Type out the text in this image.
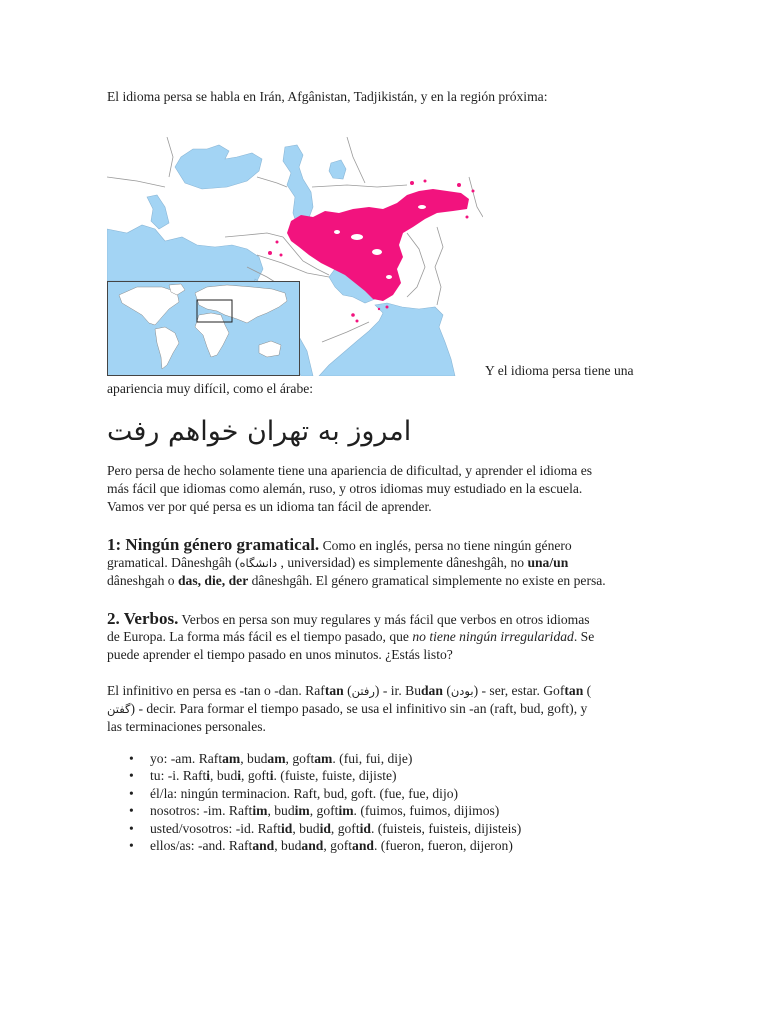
El idioma persa se habla en Irán, Afgânistan, Tadjikistán, y en la región próxima:
Y el idioma persa tiene una
apariencia muy difícil, como el árabe:
امروز به تهران خواهم رفت
Pero persa de hecho solamente tiene una apariencia de dificultad, y aprender el idioma es
más fácil que idiomas como alemán, ruso, y otros idiomas muy estudiado en la escuela.
Vamos ver por qué persa es un idioma tan fácil de aprender.
1: Ningún género gramatical. Como en inglés, persa no tiene ningún género
gramatical. Dâneshgâh (دانشگاه , universidad) es simplemente dâneshgâh, no una/un
dâneshgah o das, die, der dâneshgâh. El género gramatical simplemente no existe en persa.
2. Verbos. Verbos en persa son muy regulares y más fácil que verbos en otros idiomas
de Europa. La forma más fácil es el tiempo pasado, que no tiene ningún irregularidad. Se
puede aprender el tiempo pasado en unos minutos. ¿Estás listo?
El infinitivo en persa es -tan o -dan. Raftan (رفتن) - ir. Budan (بودن) - ser, estar. Goftan (
گفتن) - decir. Para formar el tiempo pasado, se usa el infinitivo sin -an (raft, bud, goft), y
las terminaciones personales.
•yo: -am. Raftam, budam, goftam. (fui, fui, dije)
•tu: -i. Rafti, budi, gofti. (fuiste, fuiste, dijiste)
•él/la: ningún terminacion. Raft, bud, goft. (fue, fue, dijo)
•nosotros: -im. Raftim, budim, goftim. (fuimos, fuimos, dijimos)
•usted/vosotros: -id. Raftid, budid, goftid. (fuisteis, fuisteis, dijisteis)
•ellos/as: -and. Raftand, budand, goftand. (fueron, fueron, dijeron)
